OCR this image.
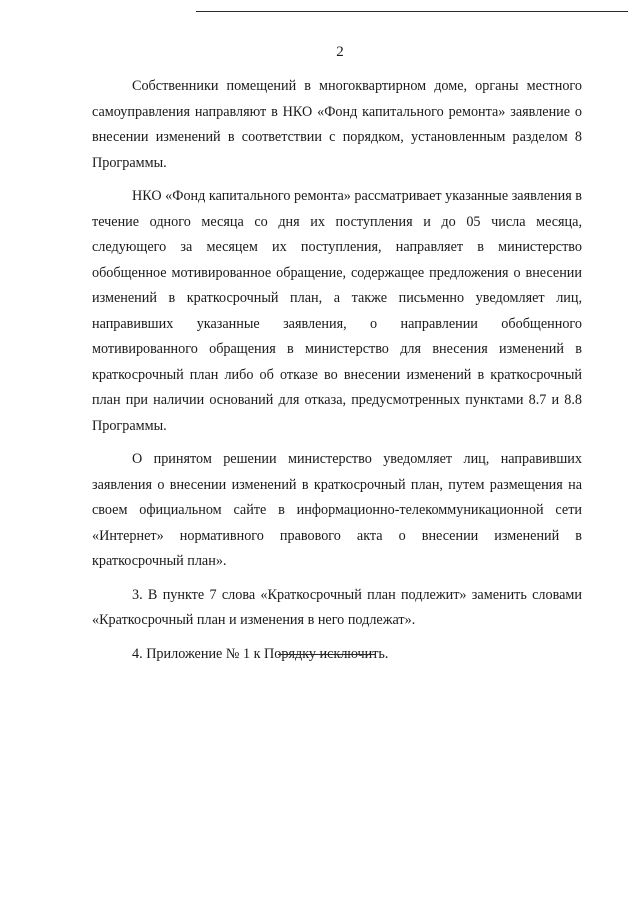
2

Собственники помещений в многоквартирном доме, органы местного самоуправления направляют в НКО «Фонд капитального ремонта» заявление о внесении изменений в соответствии с порядком, установленным разделом 8 Программы.

НКО «Фонд капитального ремонта» рассматривает указанные заявления в течение одного месяца со дня их поступления и до 05 числа месяца, следующего за месяцем их поступления, направляет в министерство обобщенное мотивированное обращение, содержащее предложения о внесении изменений в краткосрочный план, а также письменно уведомляет лиц, направивших указанные заявления, о направлении обобщенного мотивированного обращения в министерство для внесения изменений в краткосрочный план либо об отказе во внесении изменений в краткосрочный план при наличии оснований для отказа, предусмотренных пунктами 8.7 и 8.8 Программы.

О принятом решении министерство уведомляет лиц, направивших заявления о внесении изменений в краткосрочный план, путем размещения на своем официальном сайте в информационно-телекоммуникационной сети «Интернет» нормативного правового акта о внесении изменений в краткосрочный план».

3. В пункте 7 слова «Краткосрочный план подлежит» заменить словами «Краткосрочный план и изменения в него подлежат».

4. Приложение № 1 к Порядку исключить.
